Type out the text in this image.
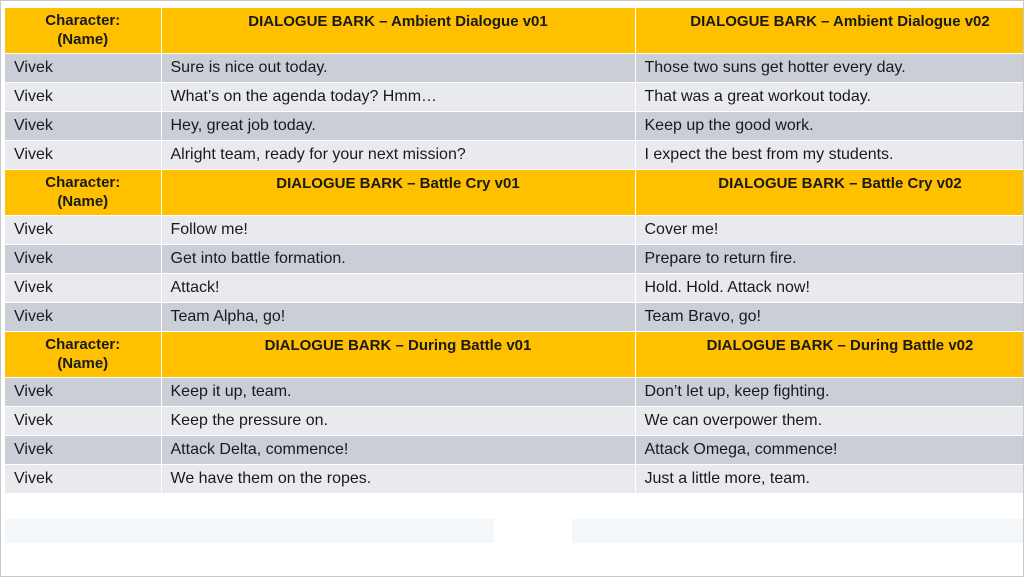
Character:
(Name)	DIALOGUE BARK – Ambient Dialogue v01	DIALOGUE BARK – Ambient Dialogue v02
Vivek	Sure is nice out today.	Those two suns get hotter every day.
Vivek	What’s on the agenda today? Hmm…	That was a great workout today.
Vivek	Hey, great job today.	Keep up the good work.
Vivek	Alright team, ready for your next mission?	I expect the best from my students.
Character:
(Name)	DIALOGUE BARK – Battle Cry v01	DIALOGUE BARK – Battle Cry v02
Vivek	Follow me!	Cover me!
Vivek	Get into battle formation.	Prepare to return fire.
Vivek	Attack!	Hold. Hold. Attack now!
Vivek	Team Alpha, go!	Team Bravo, go!
Character:
(Name)	DIALOGUE BARK – During Battle v01	DIALOGUE BARK – During Battle v02
Vivek	Keep it up, team.	Don’t let up, keep fighting.
Vivek	Keep the pressure on.	We can overpower them.
Vivek	Attack Delta, commence!	Attack Omega, commence!
Vivek	We have them on the ropes.	Just a little more, team.
